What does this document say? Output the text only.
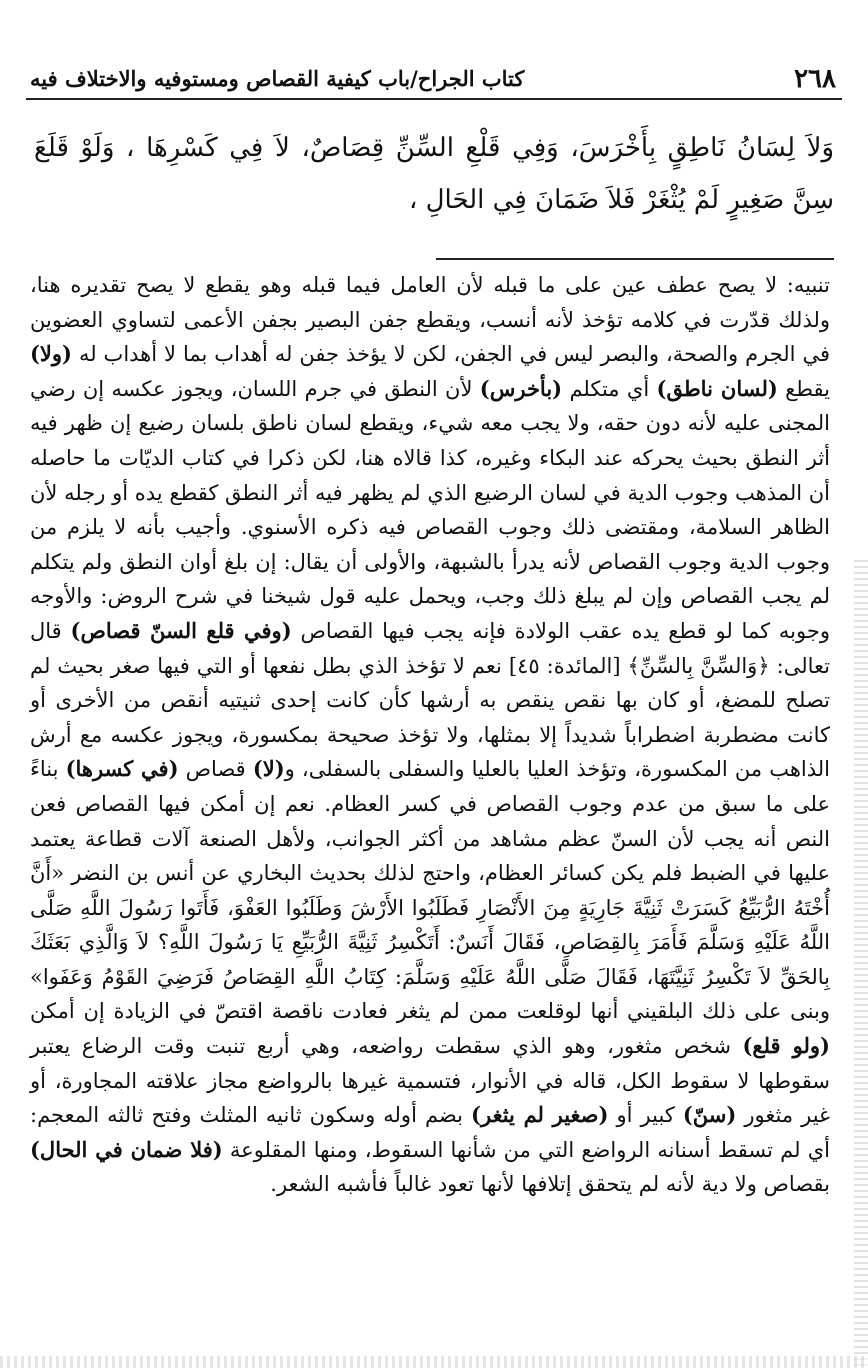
٢٦٨
كتاب الجراح/باب كيفية القصاص ومستوفيه والاختلاف فيه
وَلاَ لِسَانُ نَاطِقٍ بِأَخْرَسَ، وَفِي قَلْعِ السِّنِّ قِصَاصٌ، لاَ فِي كَسْرِهَا ، وَلَوْ قَلَعَ سِنَّ صَغِيرٍ لَمْ يُثْغَرْ فَلاَ ضَمَانَ فِي الحَالِ ،

تنبيه: لا يصح عطف عين على ما قبله لأن العامل فيما قبله وهو يقطع لا يصح تقديره هنا، ولذلك قدّرت في كلامه تؤخذ لأنه أنسب، ويقطع جفن البصير بجفن الأعمى لتساوي العضوين في الجرم والصحة، والبصر ليس في الجفن، لكن لا يؤخذ جفن له أهداب بما لا أهداب له (ولا) يقطع (لسان ناطق) أي متكلم (بأخرس) لأن النطق في جرم اللسان، ويجوز عكسه إن رضي المجنى عليه لأنه دون حقه، ولا يجب معه شيء، ويقطع لسان ناطق بلسان رضيع إن ظهر فيه أثر النطق بحيث يحركه عند البكاء وغيره، كذا قالاه هنا، لكن ذكرا في كتاب الديّات ما حاصله أن المذهب وجوب الدية في لسان الرضيع الذي لم يظهر فيه أثر النطق كقطع يده أو رجله لأن الظاهر السلامة، ومقتضى ذلك وجوب القصاص فيه ذكره الأسنوي. وأجيب بأنه لا يلزم من وجوب الدية وجوب القصاص لأنه يدرأ بالشبهة، والأولى أن يقال: إن بلغ أوان النطق ولم يتكلم لم يجب القصاص وإن لم يبلغ ذلك وجب، ويحمل عليه قول شيخنا في شرح الروض: والأوجه وجوبه كما لو قطع يده عقب الولادة فإنه يجب فيها القصاص (وفي قلع السنّ قصاص) قال تعالى: ﴿وَالسِّنَّ بِالسِّنِّ﴾ [المائدة: ٤٥] نعم لا تؤخذ الذي بطل نفعها أو التي فيها صغر بحيث لم تصلح للمضغ، أو كان بها نقص ينقص به أرشها كأن كانت إحدى ثنيتيه أنقص من الأخرى أو كانت مضطربة اضطراباً شديداً إلا بمثلها، ولا تؤخذ صحيحة بمكسورة، ويجوز عكسه مع أرش الذاهب من المكسورة، وتؤخذ العليا بالعليا والسفلى بالسفلى، و(لا) قصاص (في كسرها) بناءً على ما سبق من عدم وجوب القصاص في كسر العظام. نعم إن أمكن فيها القصاص فعن النص أنه يجب لأن السنّ عظم مشاهد من أكثر الجوانب، ولأهل الصنعة آلات قطاعة يعتمد عليها في الضبط فلم يكن كسائر العظام، واحتج لذلك بحديث البخاري عن أنس بن النضر «أَنَّ أُخْتَهُ الرُّبَيِّعُ كَسَرَتْ ثَنِيَّةَ جَارِيَةٍ مِنَ الأَنْصَارِ فَطَلَبُوا الأَرْشَ وَطَلَبُوا العَفْوَ، فَأَتَوا رَسُولَ اللَّهِ صَلَّى اللَّهُ عَلَيْهِ وَسَلَّمَ فَأَمَرَ بِالقِصَاصِ، فَقَالَ أَنَسٌ: أَتَكْسِرُ ثَنِيَّةَ الرُّبَيِّعِ يَا رَسُولَ اللَّهِ؟ لاَ وَالَّذِي بَعَثَكَ بِالحَقِّ لاَ تَكْسِرُ ثَنِيَّتَهَا، فَقَالَ صَلَّى اللَّهُ عَلَيْهِ وَسَلَّمَ: كِتَابُ اللَّهِ القِصَاصُ فَرَضِيَ القَوْمُ وَعَفَوا» وبنى على ذلك البلقيني أنها لوقلعت ممن لم يثغر فعادت ناقصة اقتصّ في الزيادة إن أمكن (ولو قلع) شخص مثغور، وهو الذي سقطت رواضعه، وهي أربع تنبت وقت الرضاع يعتبر سقوطها لا سقوط الكل، قاله في الأنوار، فتسمية غيرها بالرواضع مجاز علاقته المجاورة، أو غير مثغور (سنّ) كبير أو (صغير لم يثغر) بضم أوله وسكون ثانيه المثلث وفتح ثالثه المعجم: أي لم تسقط أسنانه الرواضع التي من شأنها السقوط، ومنها المقلوعة (فلا ضمان في الحال) بقصاص ولا دية لأنه لم يتحقق إتلافها لأنها تعود غالباً فأشبه الشعر.
